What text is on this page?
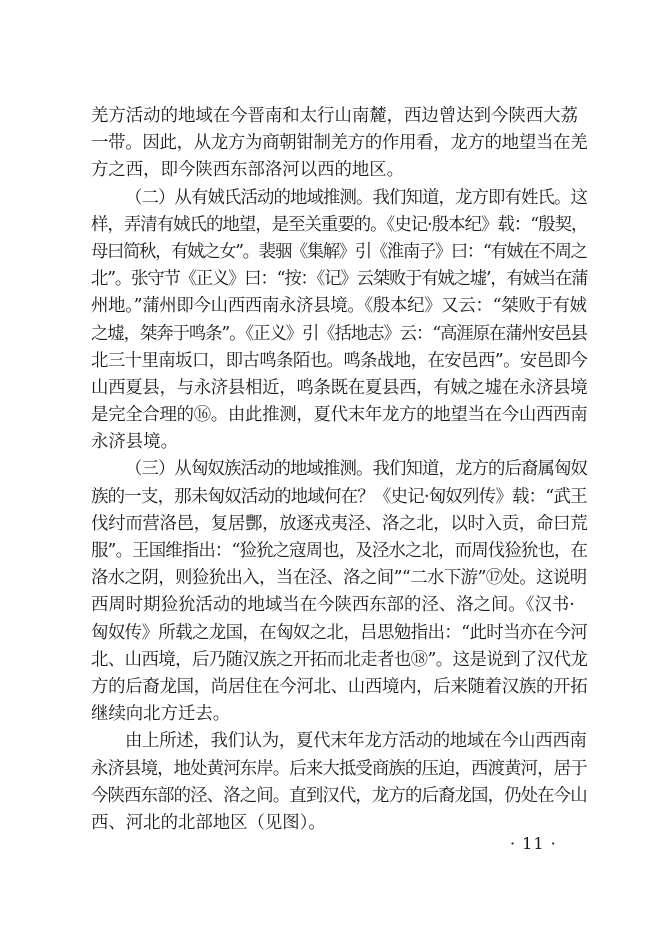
羌方活动的地域在今晋南和太行山南麓，西边曾达到今陕西大荔
一带。因此，从龙方为商朝钳制羌方的作用看，龙方的地望当在羌
方之西，即今陕西东部洛河以西的地区。
（二）从有娀氏活动的地域推测。我们知道，龙方即有姓氏。这
样，弄清有娀氏的地望，是至关重要的。《史记·殷本纪》载：“殷契，
母曰简秋，有娀之女”。裴骃《集解》引《淮南子》曰：“有娀在不周之
北”。张守节《正义》曰：“按：《记》云桀败于有娀之墟’，有娀当在蒲
州地。”蒲州即今山西西南永济县境。《殷本纪》又云：“桀败于有娀
之墟，桀奔于鸣条”。《正义》引《括地志》云：“高涯原在蒲州安邑县
北三十里南坂口，即古鸣条陌也。鸣条战地，在安邑西”。安邑即今
山西夏县，与永济县相近，鸣条既在夏县西，有娀之墟在永济县境
是完全合理的⑯。由此推测，夏代末年龙方的地望当在今山西西南
永济县境。
（三）从匈奴族活动的地域推测。我们知道，龙方的后裔属匈奴
族的一支，那未匈奴活动的地域何在？《史记·匈奴列传》载：“武王
伐纣而营洛邑，复居酆，放逐戎夷泾、洛之北，以时入贡，命曰荒
服”。王国维指出：“猃狁之寇周也，及泾水之北，而周伐猃狁也，在
洛水之阴，则猃狁出入，当在泾、洛之间”“二水下游”⑰处。这说明
西周时期猃狁活动的地域当在今陕西东部的泾、洛之间。《汉书·
匈奴传》所载之龙国，在匈奴之北，吕思勉指出：“此时当亦在今河
北、山西境，后乃随汉族之开拓而北走者也⑱”。这是说到了汉代龙
方的后裔龙国，尚居住在今河北、山西境内，后来随着汉族的开拓
继续向北方迁去。
由上所述，我们认为，夏代末年龙方活动的地域在今山西西南
永济县境，地处黄河东岸。后来大抵受商族的压迫，西渡黄河，居于
今陕西东部的泾、洛之间。直到汉代，龙方的后裔龙国，仍处在今山
西、河北的北部地区（见图）。
· 11 ·
